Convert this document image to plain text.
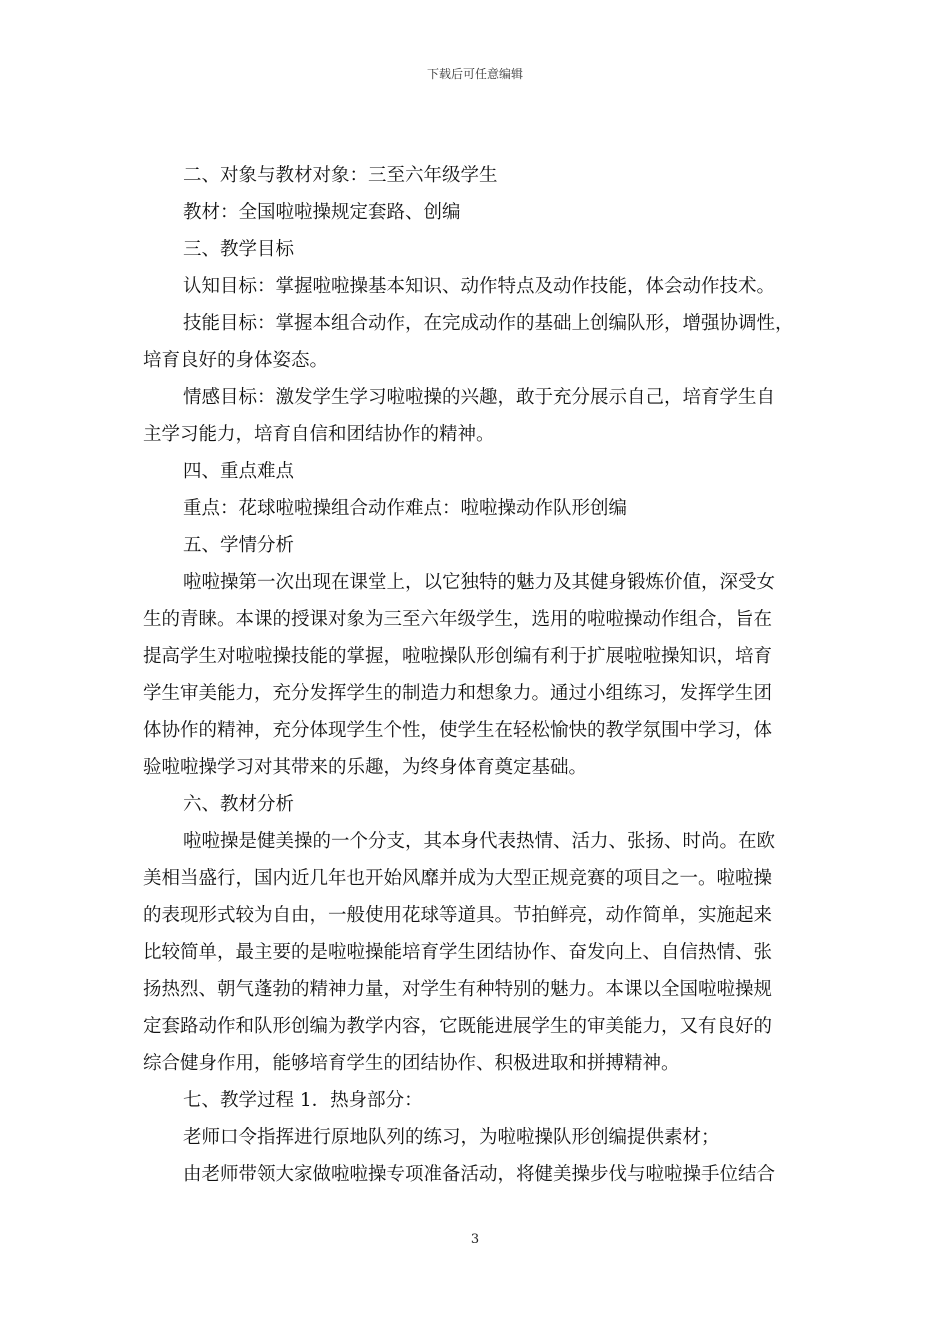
下载后可任意编辑

二、对象与教材对象：三至六年级学生

教材：全国啦啦操规定套路、创编

三、教学目标

认知目标：掌握啦啦操基本知识、动作特点及动作技能，体会动作技术。

技能目标：掌握本组合动作，在完成动作的基础上创编队形，增强协调性，
培育良好的身体姿态。

情感目标：激发学生学习啦啦操的兴趣，敢于充分展示自己，培育学生自
主学习能力，培育自信和团结协作的精神。

四、重点难点

重点：花球啦啦操组合动作难点：啦啦操动作队形创编

五、学情分析

啦啦操第一次出现在课堂上，以它独特的魅力及其健身锻炼价值，深受女
生的青睐。本课的授课对象为三至六年级学生，选用的啦啦操动作组合，旨在
提高学生对啦啦操技能的掌握，啦啦操队形创编有利于扩展啦啦操知识，培育
学生审美能力，充分发挥学生的制造力和想象力。通过小组练习，发挥学生团
体协作的精神，充分体现学生个性，使学生在轻松愉快的教学氛围中学习，体
验啦啦操学习对其带来的乐趣，为终身体育奠定基础。

六、教材分析

啦啦操是健美操的一个分支，其本身代表热情、活力、张扬、时尚。在欧
美相当盛行，国内近几年也开始风靡并成为大型正规竞赛的项目之一。啦啦操
的表现形式较为自由，一般使用花球等道具。节拍鲜亮，动作简单，实施起来
比较简单，最主要的是啦啦操能培育学生团结协作、奋发向上、自信热情、张
扬热烈、朝气蓬勃的精神力量，对学生有种特别的魅力。本课以全国啦啦操规
定套路动作和队形创编为教学内容，它既能进展学生的审美能力，又有良好的
综合健身作用，能够培育学生的团结协作、积极进取和拼搏精神。

七、教学过程 1．热身部分：

老师口令指挥进行原地队列的练习，为啦啦操队形创编提供素材；

由老师带领大家做啦啦操专项准备活动，将健美操步伐与啦啦操手位结合

3
